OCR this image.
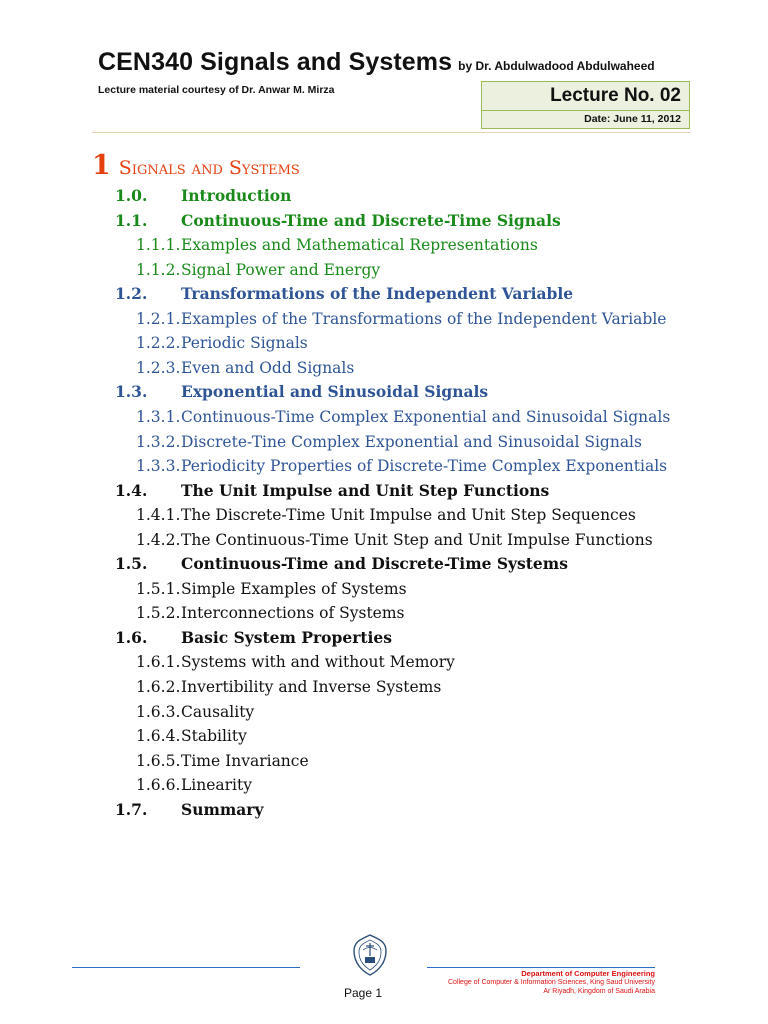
CEN340 Signals and Systems by Dr. Abdulwadood Abdulwaheed
Lecture material courtesy of Dr. Anwar M. Mirza	Lecture No. 02
Date: June 11, 2012
1 Signals and Systems
1.0. Introduction
1.1. Continuous-Time and Discrete-Time Signals
1.1.1. Examples and Mathematical Representations
1.1.2. Signal Power and Energy
1.2. Transformations of the Independent Variable
1.2.1. Examples of the Transformations of the Independent Variable
1.2.2. Periodic Signals
1.2.3. Even and Odd Signals
1.3. Exponential and Sinusoidal Signals
1.3.1. Continuous-Time Complex Exponential and Sinusoidal Signals
1.3.2. Discrete-Tine Complex Exponential and Sinusoidal Signals
1.3.3. Periodicity Properties of Discrete-Time Complex Exponentials
1.4. The Unit Impulse and Unit Step Functions
1.4.1. The Discrete-Time Unit Impulse and Unit Step Sequences
1.4.2. The Continuous-Time Unit Step and Unit Impulse Functions
1.5. Continuous-Time and Discrete-Time Systems
1.5.1. Simple Examples of Systems
1.5.2. Interconnections of Systems
1.6. Basic System Properties
1.6.1. Systems with and without Memory
1.6.2. Invertibility and Inverse Systems
1.6.3. Causality
1.6.4. Stability
1.6.5. Time Invariance
1.6.6. Linearity
1.7. Summary
Page 1
Department of Computer Engineering
College of Computer & Information Sciences, King Saud University
Ar Riyadh, Kingdom of Saudi Arabia
